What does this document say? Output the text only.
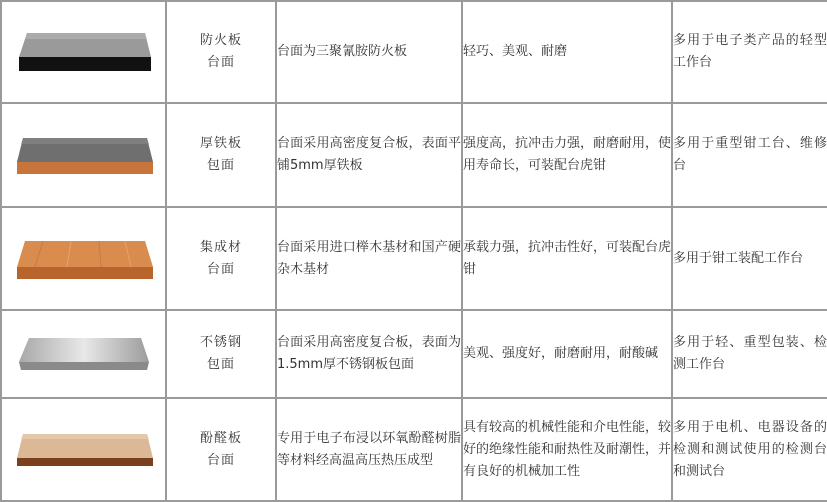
防火板
台面	台面为三聚氰胺防火板	轻巧、美观、耐磨	多用于电子类产品的轻型工作台

厚铁板
包面	台面采用高密度复合板，表面平铺5mm厚铁板	强度高，抗冲击力强，耐磨耐用，使用寿命长，可装配台虎钳	多用于重型钳工台、维修台

集成材
台面	台面采用进口榉木基材和国产硬杂木基材	承载力强，抗冲击性好，可装配台虎钳	多用于钳工装配工作台

不锈钢
包面	台面采用高密度复合板，表面为1.5mm厚不锈钢板包面	美观、强度好，耐磨耐用，耐酸碱	多用于轻、重型包装、检测工作台

酚醛板
台面	专用于电子布浸以环氧酚醛树脂等材料经高温高压热压成型	具有较高的机械性能和介电性能，较好的绝缘性能和耐热性及耐潮性，并有良好的机械加工性	多用于电机、电器设备的检测和测试使用的检测台和测试台
